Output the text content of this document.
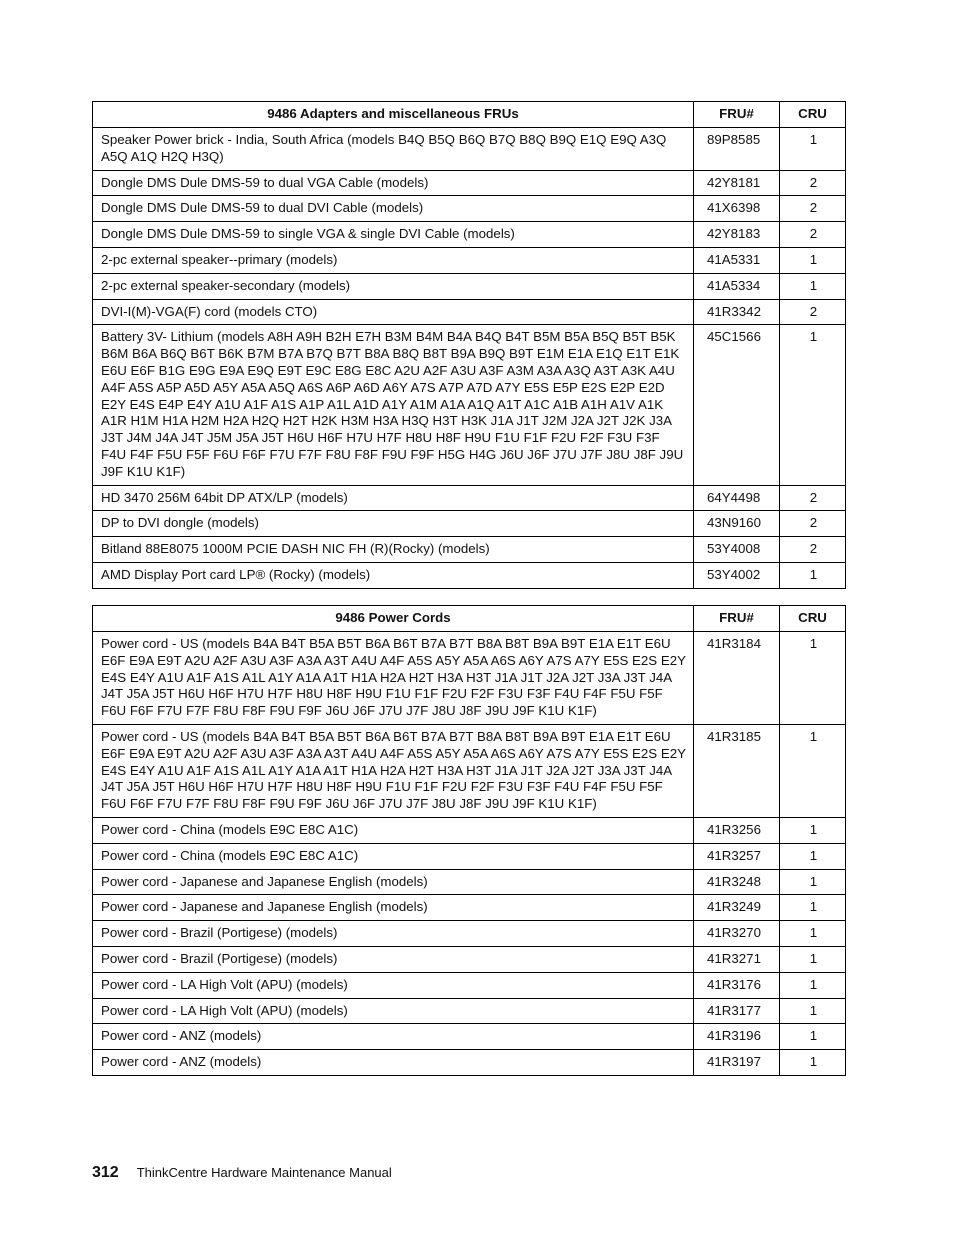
9486 Adapters and miscellaneous FRUs	FRU#	CRU
Speaker Power brick - India, South Africa (models B4Q B5Q B6Q B7Q B8Q B9Q E1Q E9Q A3Q A5Q A1Q H2Q H3Q)	89P8585	1
Dongle DMS Dule DMS-59 to dual VGA Cable (models)	42Y8181	2
Dongle DMS Dule DMS-59 to dual DVI Cable (models)	41X6398	2
Dongle DMS Dule DMS-59 to single VGA & single DVI Cable (models)	42Y8183	2
2-pc external speaker--primary (models)	41A5331	1
2-pc external speaker-secondary (models)	41A5334	1
DVI-I(M)-VGA(F) cord (models CTO)	41R3342	2
Battery 3V- Lithium (models A8H A9H B2H E7H B3M B4M B4A B4Q B4T B5M B5A B5Q B5T B5K B6M B6A B6Q B6T B6K B7M B7A B7Q B7T B8A B8Q B8T B9A B9Q B9T E1M E1A E1Q E1T E1K E6U E6F B1G E9G E9A E9Q E9T E9C E8G E8C A2U A2F A3U A3F A3M A3A A3Q A3T A3K A4U A4F A5S A5P A5D A5Y A5A A5Q A6S A6P A6D A6Y A7S A7P A7D A7Y E5S E5P E2S E2P E2D E2Y E4S E4P E4Y A1U A1F A1S A1P A1L A1D A1Y A1M A1A A1Q A1T A1C A1B A1H A1V A1K A1R H1M H1A H2M H2A H2Q H2T H2K H3M H3A H3Q H3T H3K J1A J1T J2M J2A J2T J2K J3A J3T J4M J4A J4T J5M J5A J5T H6U H6F H7U H7F H8U H8F H9U F1U F1F F2U F2F F3U F3F F4U F4F F5U F5F F6U F6F F7U F7F F8U F8F F9U F9F H5G H4G J6U J6F J7U J7F J8U J8F J9U J9F K1U K1F)	45C1566	1
HD 3470 256M 64bit DP ATX/LP (models)	64Y4498	2
DP to DVI dongle (models)	43N9160	2
Bitland 88E8075 1000M PCIE DASH NIC FH (R)(Rocky) (models)	53Y4008	2
AMD Display Port card LP® (Rocky) (models)	53Y4002	1
9486 Power Cords	FRU#	CRU
Power cord - US (models B4A B4T B5A B5T B6A B6T B7A B7T B8A B8T B9A B9T E1A E1T E6U E6F E9A E9T A2U A2F A3U A3F A3A A3T A4U A4F A5S A5Y A5A A6S A6Y A7S A7Y E5S E2S E2Y E4S E4Y A1U A1F A1S A1L A1Y A1A A1T H1A H2A H2T H3A H3T J1A J1T J2A J2T J3A J3T J4A J4T J5A J5T H6U H6F H7U H7F H8U H8F H9U F1U F1F F2U F2F F3U F3F F4U F4F F5U F5F F6U F6F F7U F7F F8U F8F F9U F9F J6U J6F J7U J7F J8U J8F J9U J9F K1U K1F)	41R3184	1
Power cord - US (models B4A B4T B5A B5T B6A B6T B7A B7T B8A B8T B9A B9T E1A E1T E6U E6F E9A E9T A2U A2F A3U A3F A3A A3T A4U A4F A5S A5Y A5A A6S A6Y A7S A7Y E5S E2S E2Y E4S E4Y A1U A1F A1S A1L A1Y A1A A1T H1A H2A H2T H3A H3T J1A J1T J2A J2T J3A J3T J4A J4T J5A J5T H6U H6F H7U H7F H8U H8F H9U F1U F1F F2U F2F F3U F3F F4U F4F F5U F5F F6U F6F F7U F7F F8U F8F F9U F9F J6U J6F J7U J7F J8U J8F J9U J9F K1U K1F)	41R3185	1
Power cord - China (models E9C E8C A1C)	41R3256	1
Power cord - China (models E9C E8C A1C)	41R3257	1
Power cord - Japanese and Japanese English (models)	41R3248	1
Power cord - Japanese and Japanese English (models)	41R3249	1
Power cord - Brazil (Portigese) (models)	41R3270	1
Power cord - Brazil (Portigese) (models)	41R3271	1
Power cord - LA High Volt (APU) (models)	41R3176	1
Power cord - LA High Volt (APU) (models)	41R3177	1
Power cord - ANZ (models)	41R3196	1
Power cord - ANZ (models)	41R3197	1
312 ThinkCentre Hardware Maintenance Manual
